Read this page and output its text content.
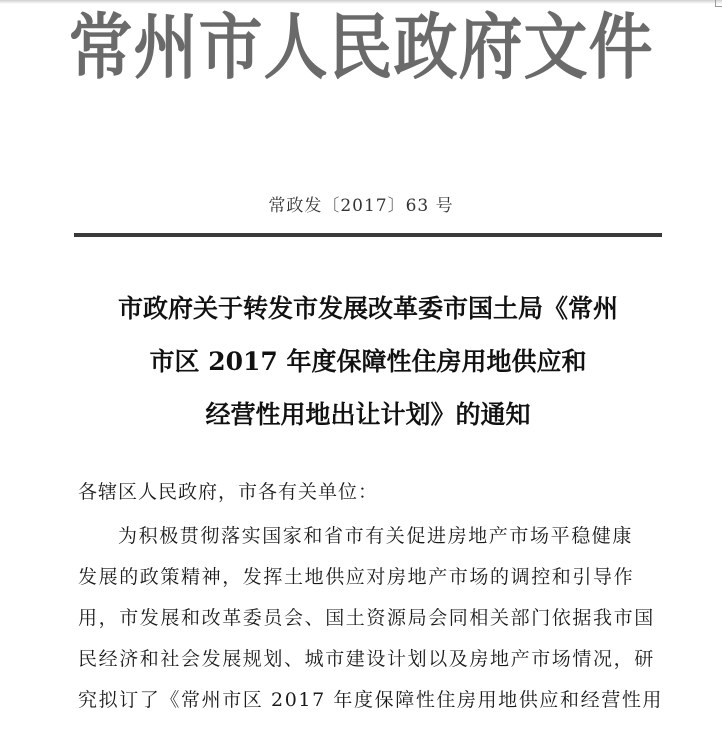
常州市人民政府文件
常政发〔2017〕63 号
市政府关于转发市发展改革委市国土局《常州
市区 2017 年度保障性住房用地供应和
经营性用地出让计划》的通知
各辖区人民政府，市各有关单位：
为积极贯彻落实国家和省市有关促进房地产市场平稳健康
发展的政策精神，发挥土地供应对房地产市场的调控和引导作
用，市发展和改革委员会、国土资源局会同相关部门依据我市国
民经济和社会发展规划、城市建设计划以及房地产市场情况，研
究拟订了《常州市区 2017 年度保障性住房用地供应和经营性用
